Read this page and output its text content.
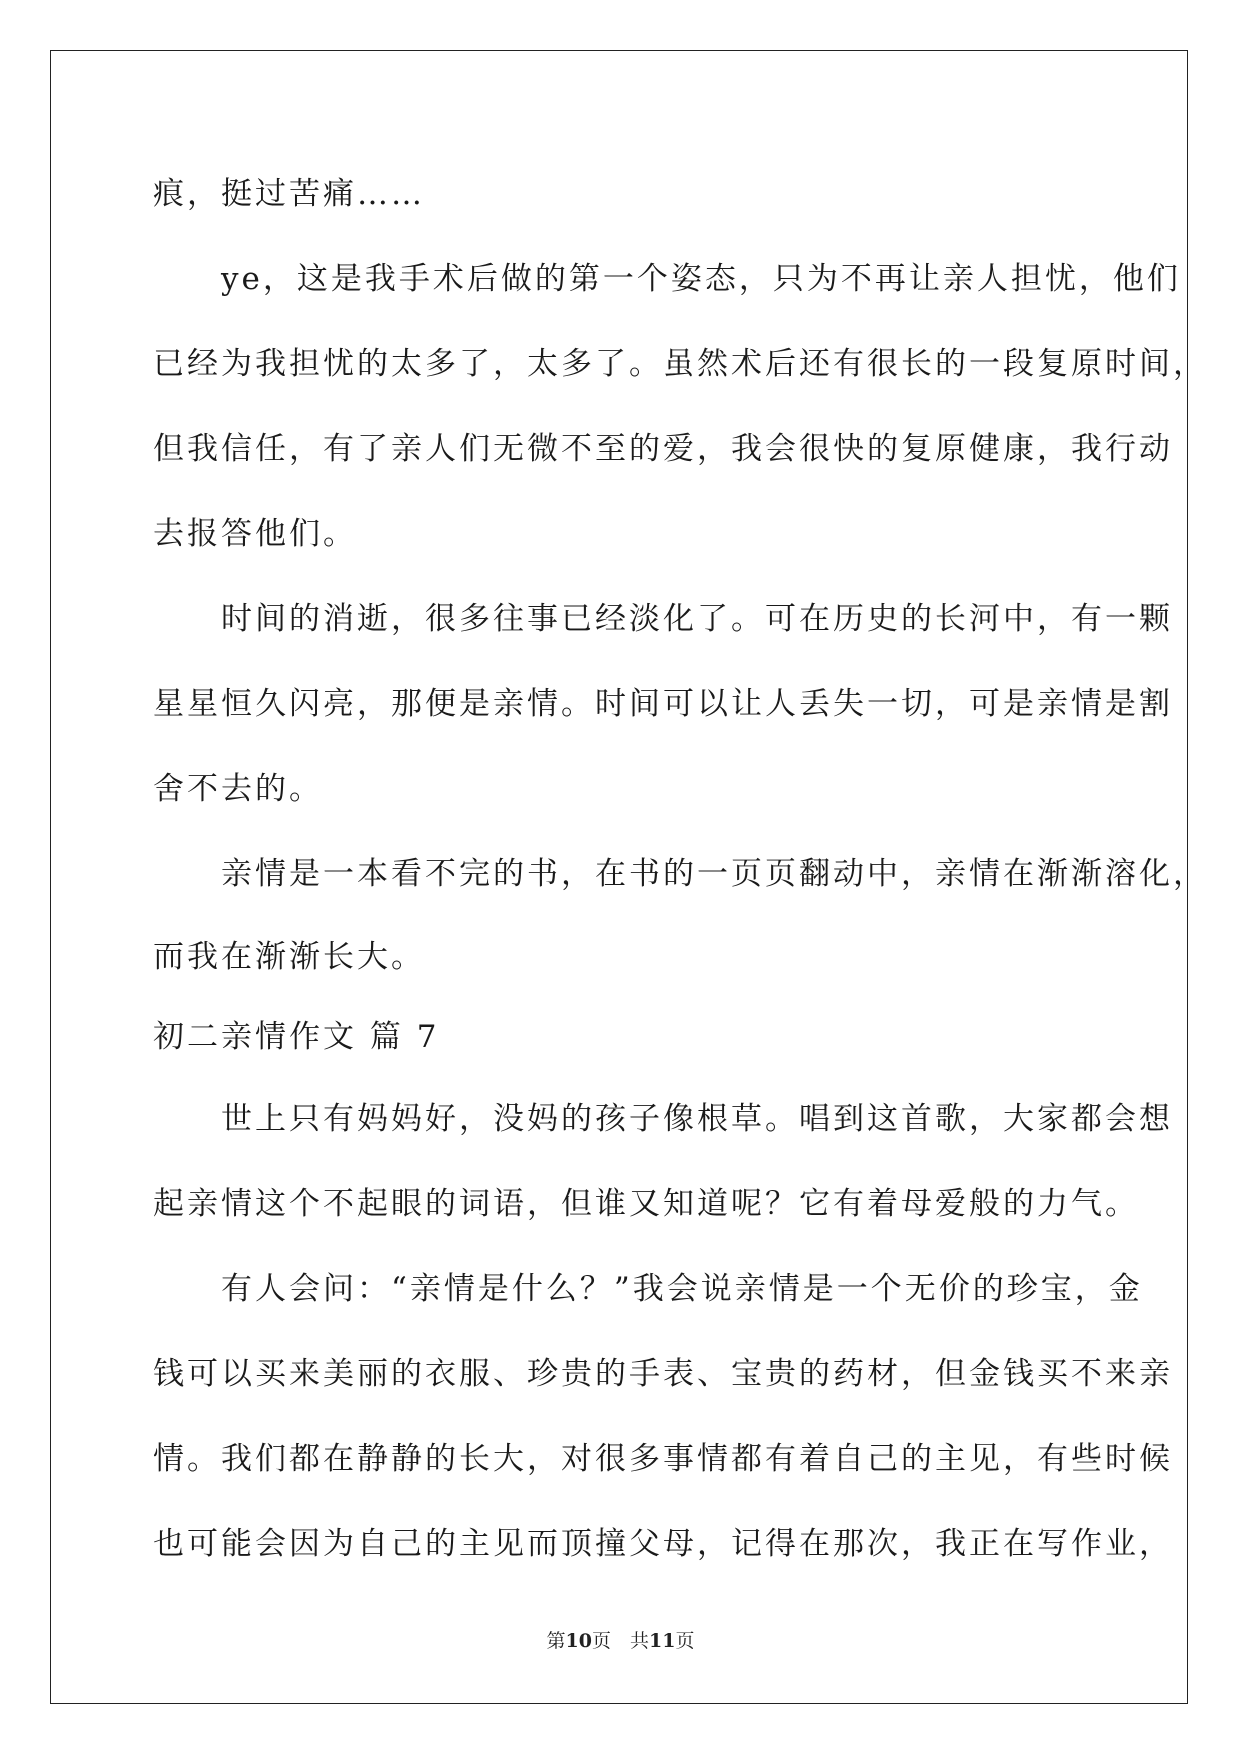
痕，挺过苦痛……
　　ye，这是我手术后做的第一个姿态，只为不再让亲人担忧，他们
已经为我担忧的太多了，太多了。虽然术后还有很长的一段复原时间，
但我信任，有了亲人们无微不至的爱，我会很快的复原健康，我行动
去报答他们。
　　时间的消逝，很多往事已经淡化了。可在历史的长河中，有一颗
星星恒久闪亮，那便是亲情。时间可以让人丢失一切，可是亲情是割
舍不去的。
　　亲情是一本看不完的书，在书的一页页翻动中，亲情在渐渐溶化，
而我在渐渐长大。
初二亲情作文 篇 7
　　世上只有妈妈好，没妈的孩子像根草。唱到这首歌，大家都会想
起亲情这个不起眼的词语，但谁又知道呢？它有着母爱般的力气。
　　有人会问：“亲情是什么？”我会说亲情是一个无价的珍宝，金
钱可以买来美丽的衣服、珍贵的手表、宝贵的药材，但金钱买不来亲
情。我们都在静静的长大，对很多事情都有着自己的主见，有些时候
也可能会因为自己的主见而顶撞父母，记得在那次，我正在写作业，
第10页　共11页
